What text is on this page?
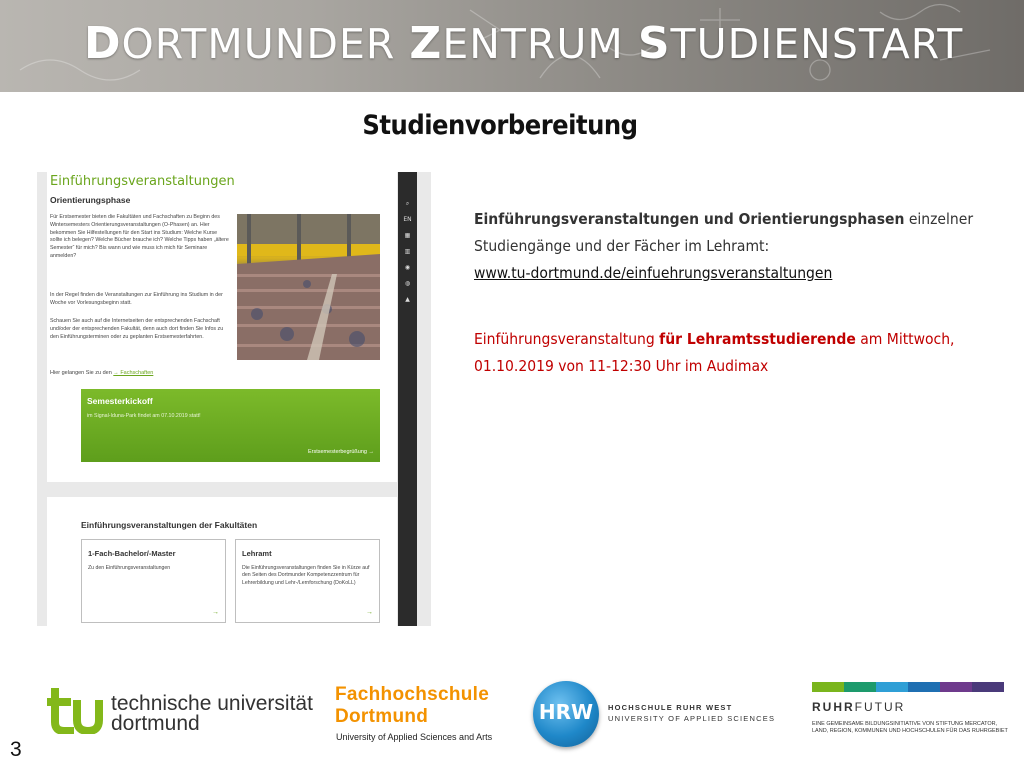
DORTMUNDER ZENTRUM STUDIENSTART
Studienvorbereitung
Einführungsveranstaltungen
Orientierungsphase
Für Erstsemester bieten die Fakultäten und Fachschaften zu Beginn des Wintersemesters Orientierungsveranstaltungen (O-Phasen) an. Hier bekommen Sie Hilfestellungen für den Start ins Studium: Welche Kurse sollte ich belegen? Welche Bücher brauche ich? Welche Tipps haben „ältere Semester“ für mich? Bis wann und wie muss ich mich für Seminare anmelden?
In der Regel finden die Veranstaltungen zur Einführung ins Studium in der Woche vor Vorlesungsbeginn statt.
Schauen Sie auch auf die Internetseiten der entsprechenden Fachschaft und/oder der entsprechenden Fakultät, denn auch dort finden Sie Infos zu den Einführungsterminen oder zu geplanten Erstsemesterfahrten.
Hier gelangen Sie zu den → Fachschaften
Semesterkickoff
im Signal-Iduna-Park findet am 07.10.2019 statt!
Erstsemesterbegrüßung →
Einführungsveranstaltungen der Fakultäten
1-Fach-Bachelor/-Master
Zu den Einführungsveranstaltungen
→
Lehramt
Die Einführungsveranstaltungen finden Sie in Kürze auf den Seiten des Dortmunder Kompetenzzentrum für Lehrerbildung und Lehr-/Lernforschung (DoKoLL)
→
⌕
EN
▦
▥
◉
◍
▲
Einführungsveranstaltungen und Orientierungsphasen einzelner Studiengänge und der Fächer im Lehramt:
www.tu-dortmund.de/einfuehrungsveranstaltungen
Einführungsveranstaltung für Lehramtsstudierende am Mittwoch, 01.10.2019 von 11-12:30 Uhr im Audimax
technische universität
dortmund
Fachhochschule
Dortmund
University of Applied Sciences and Arts
HRW	HOCHSCHULE RUHR WEST
UNIVERSITY OF APPLIED SCIENCES
RUHRFUTUR
EINE GEMEINSAME BILDUNGSINITIATIVE VON STIFTUNG MERCATOR, LAND, REGION, KOMMUNEN UND HOCHSCHULEN FÜR DAS RUHRGEBIET
3
